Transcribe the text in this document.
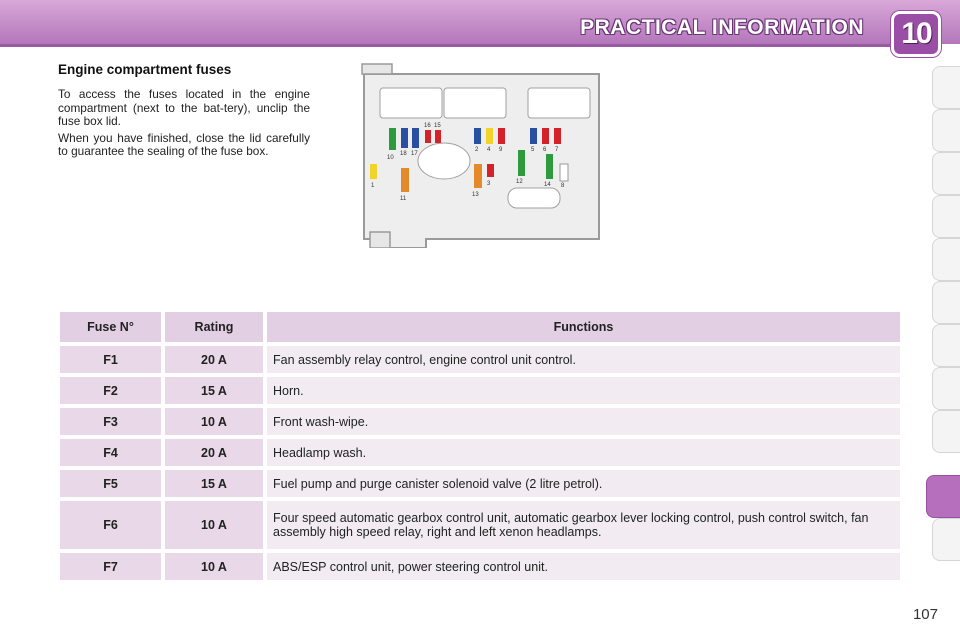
PRACTICAL INFORMATION 10
Engine compartment fuses

To access the fuses located in the engine compartment (next to the bat-tery), unclip the fuse box lid.

When you have finished, close the lid carefully to guarantee the sealing of the fuse box.

16 15
10
18 17
1
11
2 4 9
13
3
5 6 7
12	14 8
Fuse N°	Rating	Functions
F1	20 A	Fan assembly relay control, engine control unit control.
F2	15 A	Horn.
F3	10 A	Front wash-wipe.
F4	20 A	Headlamp wash.
F5	15 A	Fuel pump and purge canister solenoid valve (2 litre petrol).
F6	10 A	Four speed automatic gearbox control unit, automatic gearbox lever locking control, push control switch, fan assembly high speed relay, right and left xenon headlamps.
F7	10 A	ABS/ESP control unit, power steering control unit.
107
